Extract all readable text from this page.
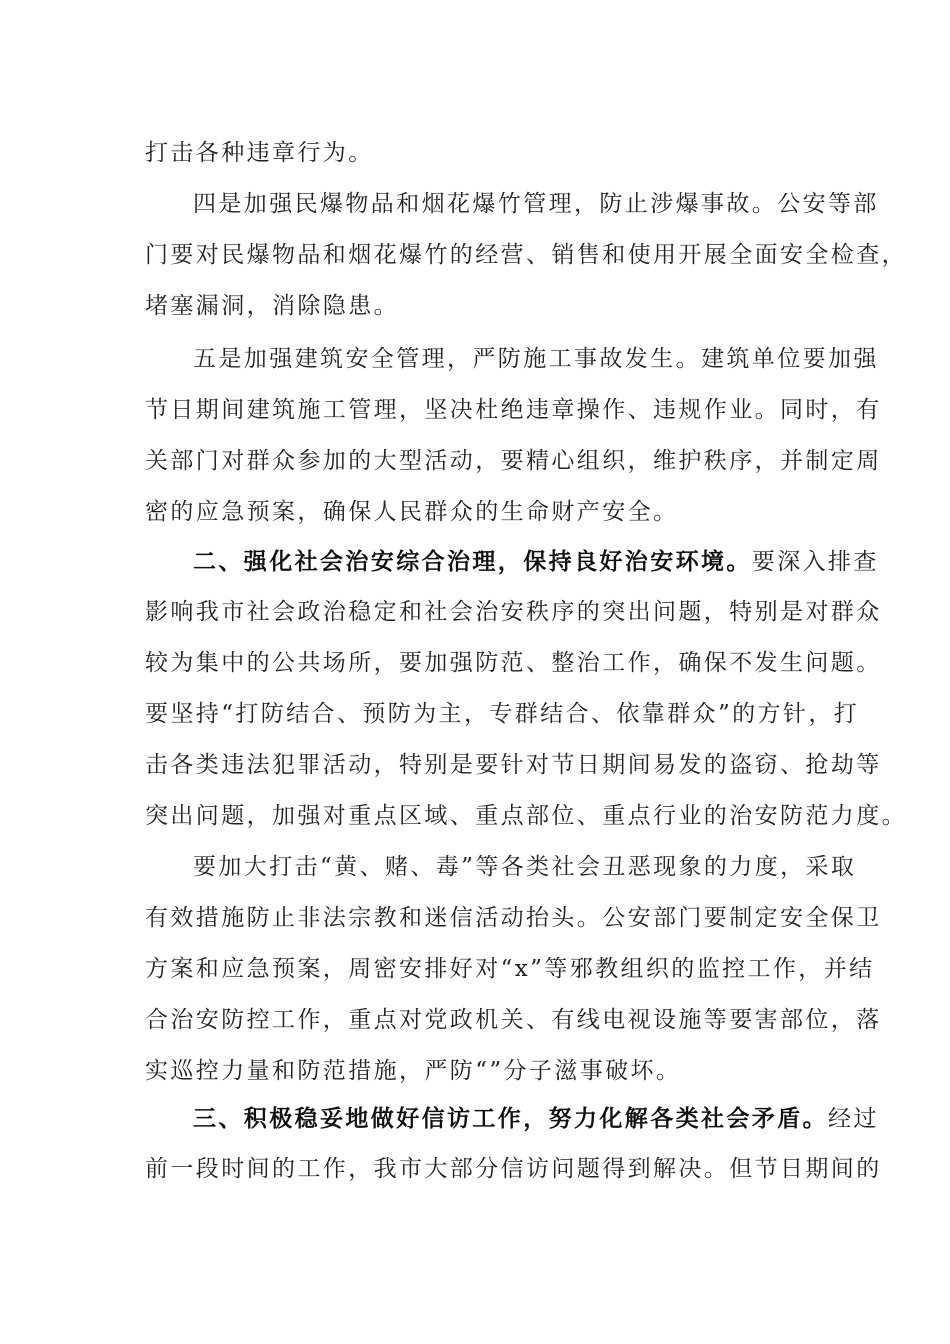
打击各种违章行为。
四是加强民爆物品和烟花爆竹管理，防止涉爆事故。公安等部
门要对民爆物品和烟花爆竹的经营、销售和使用开展全面安全检查，
堵塞漏洞，消除隐患。
五是加强建筑安全管理，严防施工事故发生。建筑单位要加强
节日期间建筑施工管理，坚决杜绝违章操作、违规作业。同时，有
关部门对群众参加的大型活动，要精心组织，维护秩序，并制定周
密的应急预案，确保人民群众的生命财产安全。
二、强化社会治安综合治理，保持良好治安环境。要深入排查
影响我市社会政治稳定和社会治安秩序的突出问题，特别是对群众
较为集中的公共场所，要加强防范、整治工作，确保不发生问题。
要坚持“打防结合、预防为主，专群结合、依靠群众”的方针，打
击各类违法犯罪活动，特别是要针对节日期间易发的盗窃、抢劫等
突出问题，加强对重点区域、重点部位、重点行业的治安防范力度。
要加大打击“黄、赌、毒”等各类社会丑恶现象的力度，采取
有效措施防止非法宗教和迷信活动抬头。公安部门要制定安全保卫
方案和应急预案，周密安排好对“x”等邪教组织的监控工作，并结
合治安防控工作，重点对党政机关、有线电视设施等要害部位，落
实巡控力量和防范措施，严防“”分子滋事破坏。
三、积极稳妥地做好信访工作，努力化解各类社会矛盾。经过
前一段时间的工作，我市大部分信访问题得到解决。但节日期间的
